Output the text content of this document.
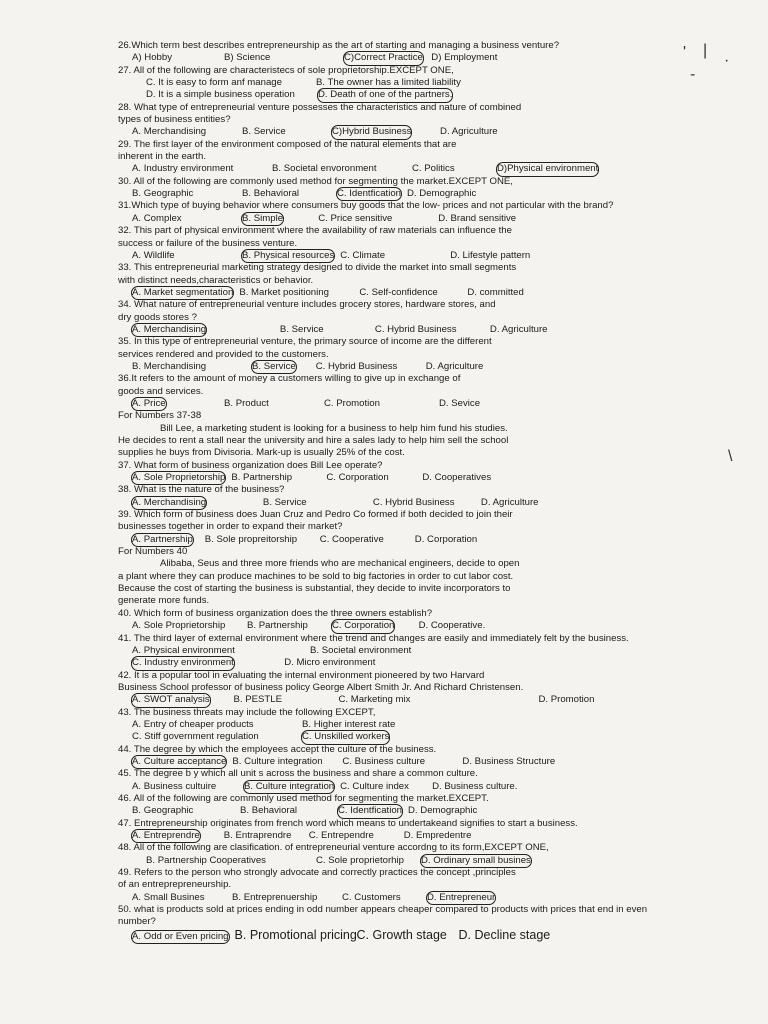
26.Which term best describes entrepreneurship as the art of starting and managing a business venture?
A) Hobby	B) Science	C)Correct Practice D) Employment
27. All of the following are characteristecs of sole proprietorship.EXCEPT ONE,
C. It is easy to form anf manage	B. The owner has a limited liability
D. It is a simple business operation D. Death of one of the partners.
28. What type of entrepreneurial venture possesses the characteristics and nature of combined
types of business entities?
A. Merchandising	B. Service	C)Hybrid Business	D. Agriculture
29. The first layer of the environment composed of the natural elements that are
inherent in the earth.
A. Industry environment	B. Societal envoronment	C. Politics	D)Physical environment
30. All of the following are commonly used method for segmenting the market.EXCEPT ONE,
B. Geographic	B. Behavioral	C. Identfication D. Demographic
31.Which type of buying behavior where consumers buy goods that the low- prices and not particular with the brand?
A. Complex	B. Simple	C. Price sensitive	D. Brand sensitive
32. This part of physical environment where the availability of raw materials can influence the
success or failure of the business venture.
A. Wildlife	B. Physical resources C. Climate	D. Lifestyle pattern
33. This entrepreneurial marketing strategy designed to divide the market into small segments
with distinct needs,characteristics or behavior.
A. Market segmentation B. Market positioning	C. Self-confidence	D. committed
34. What nature of entrepreneurial venture includes grocery stores, hardware stores, and
dry goods stores ?
A. Merchandising	B. Service	C. Hybrid Business	D. Agriculture
35. In this type of entrepreneurial venture, the primary source of income are the different
services rendered and provided to the customers.
B. Merchandising	B. Service C. Hybrid Business	D. Agriculture
36.It refers to the amount of money a customers willing to give up in exchange of
goods and services.
A. Price	B. Product	C. Promotion	D. Sevice
For Numbers 37-38
Bill Lee, a marketing student is looking for a business to help him fund his studies.
He decides to rent a stall near the university and hire a sales lady to help him sell the school
supplies he buys from Divisoria. Mark-up is usually 25% of the cost.
37. What form of business organization does Bill Lee operate?
A. Sole Proprietorship B. Partnership	C. Corporation	D. Cooperatives
38. What is the nature of the business?
A. Merchandising	B. Service	C. Hybrid Business	D. Agriculture
39. Which form of business does Juan Cruz and Pedro Co formed if both decided to join their
businesses together in order to expand their market?
A. Partnership B. Sole propreitorship C. Cooperative	D. Corporation
For Numbers 40
Alibaba, Seus and three more friends who are mechanical engineers, decide to open
a plant where they can produce machines to be sold to big factories in order to cut labor cost.
Because the cost of starting the business is substantial, they decide to invite incorporators to
generate more funds.
40. Which form of business organization does the three owners establish?
A. Sole Proprietorship B. Partnership	C. Corporation	D. Cooperative.
41. The third layer of external environment where the trend and changes are easily and immediately felt by the business.
A. Physical environment	B. Societal environment
C. Industry environment	D. Micro environment
42. It is a popular tool in evaluating the internal environment pioneered by two Harvard
Business School professor of business policy George Albert Smith Jr. And Richard Christensen.
A. SWOT analysis B. PESTLE	C. Marketing mix	D. Promotion
43. The business threats may include the following EXCEPT,
A. Entry of cheaper products	B. Higher interest rate
C. Stiff government regulation	C. Unskilled workers
44. The degree by which the employees accept the culture of the business.
A. Culture acceptance B. Culture integration C. Business culture	D. Business Structure
45. The degree b y which all unit s across the business and share a common culture.
A. Business cultuire	B. Culture integration C. Culture index D. Business culture.
46. All of the following are commonly used method for segmenting the market.EXCEPT.
B. Geographic	B. Behavioral	C. Identfication D. Demographic
47. Entrepreneurship originates from french word which means to undertakeand signifies to start a business.
A. Entreprendre	B. Entraprendre C. Entrependre	D. Empredentre
48. All of the following are clasification. of entrepreneurial venture accordng to its form,EXCEPT ONE,
B. Partnership Cooperatives	C. Sole proprietorhip D. Ordinary small busines
49. Refers to the person who strongly advocate and correctly practices the concept ,principles
of an entreprepreneurship.
A. Small Busines	B. Entreprenuership	C. Customers	D. Entrepreneur
50. what is products sold at prices ending in odd number appears cheaper compared to products with prices that end in even
number?
A. Odd or Even pricing B. Promotional pricingC. Growth stage D. Decline stage
' |
·
-
\
